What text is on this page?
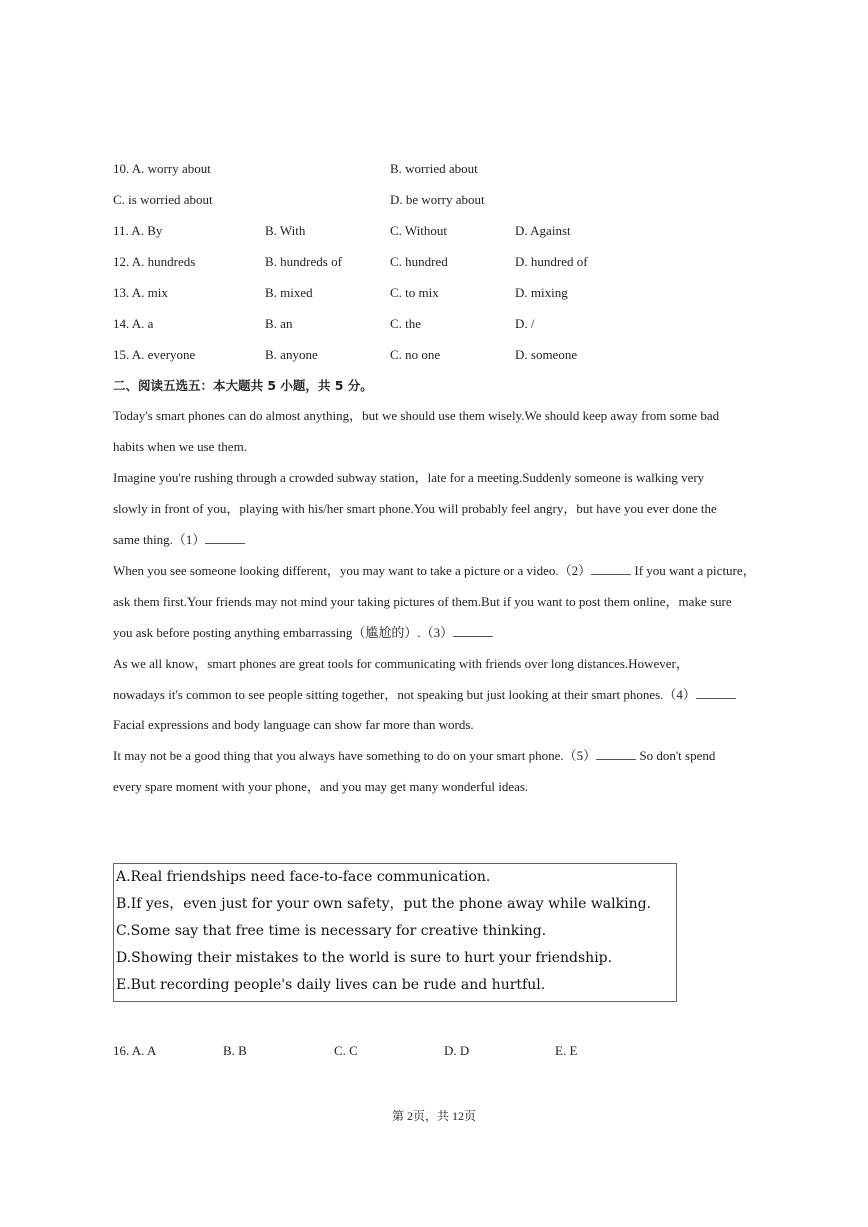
10. A. worry about	B. worried about
C. is worried about	D. be worry about
11. A. By	B. With	C. Without	D. Against
12. A. hundreds	B. hundreds of	C. hundred	D. hundred of
13. A. mix	B. mixed	C. to mix	D. mixing
14. A. a	B. an	C. the	D. /
15. A. everyone	B. anyone	C. no one	D. someone
二、阅读五选五：本大题共 5 小题，共 5 分。
Today's smart phones can do almost anything，but we should use them wisely.We should keep away from some bad
habits when we use them.
Imagine you're rushing through a crowded subway station，late for a meeting.Suddenly someone is walking very
slowly in front of you，playing with his/her smart phone.You will probably feel angry，but have you ever done the
same thing.（1）
When you see someone looking different，you may want to take a picture or a video.（2）	If you want a picture，
ask them first.Your friends may not mind your taking pictures of them.But if you want to post them online，make sure
you ask before posting anything embarrassing（尴尬的）.（3）
As we all know，smart phones are great tools for communicating with friends over long distances.However，
nowadays it's common to see people sitting together，not speaking but just looking at their smart phones.（4）
Facial expressions and body language can show far more than words.
It may not be a good thing that you always have something to do on your smart phone.（5）	So don't spend
every spare moment with your phone，and you may get many wonderful ideas.
A.Real friendships need face-to-face communication.
B.If yes，even just for your own safety，put the phone away while walking.
C.Some say that free time is necessary for creative thinking.
D.Showing their mistakes to the world is sure to hurt your friendship.
E.But recording people's daily lives can be rude and hurtful.
16. A. A	B. B	C. C	D. D	E. E
第 2页，共 12页
